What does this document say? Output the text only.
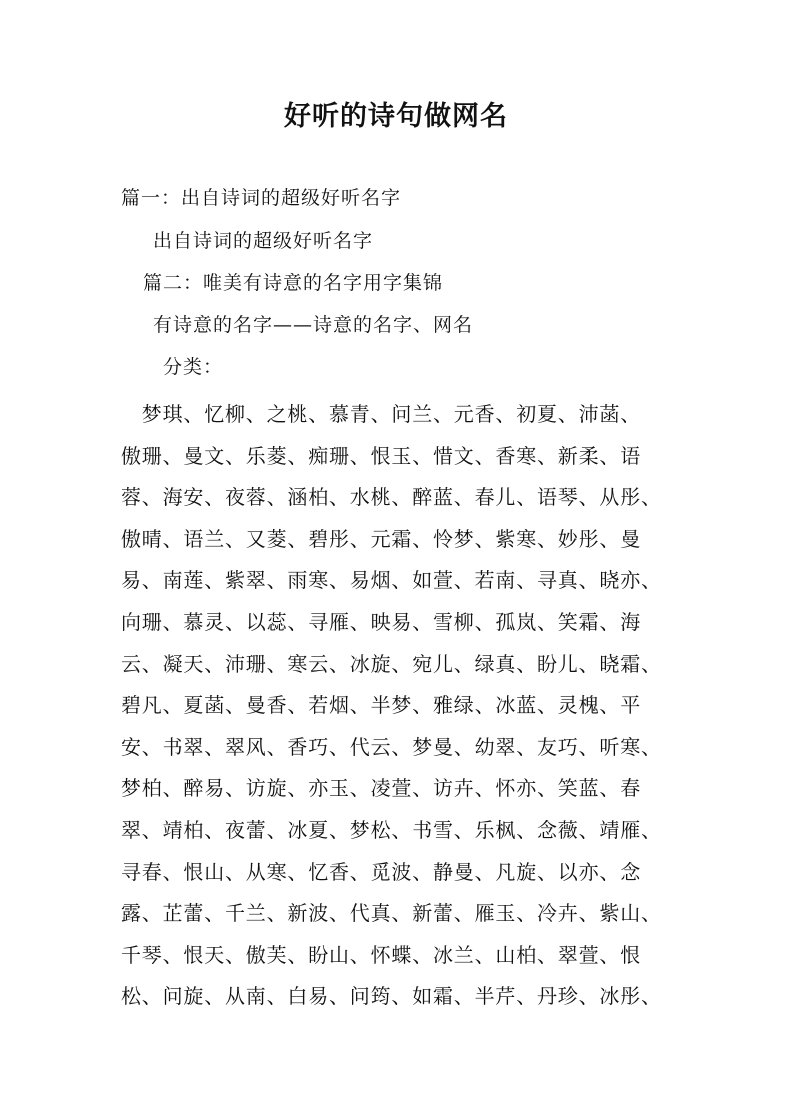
好听的诗句做网名
篇一：出自诗词的超级好听名字
出自诗词的超级好听名字
篇二：唯美有诗意的名字用字集锦
有诗意的名字——诗意的名字、网名
分类：
　梦琪、忆柳、之桃、慕青、问兰、元香、初夏、沛菡、
傲珊、曼文、乐菱、痴珊、恨玉、惜文、香寒、新柔、语
蓉、海安、夜蓉、涵柏、水桃、醉蓝、春儿、语琴、从彤、
傲晴、语兰、又菱、碧彤、元霜、怜梦、紫寒、妙彤、曼
易、南莲、紫翠、雨寒、易烟、如萱、若南、寻真、晓亦、
向珊、慕灵、以蕊、寻雁、映易、雪柳、孤岚、笑霜、海
云、凝天、沛珊、寒云、冰旋、宛儿、绿真、盼儿、晓霜、
碧凡、夏菡、曼香、若烟、半梦、雅绿、冰蓝、灵槐、平
安、书翠、翠风、香巧、代云、梦曼、幼翠、友巧、听寒、
梦柏、醉易、访旋、亦玉、凌萱、访卉、怀亦、笑蓝、春
翠、靖柏、夜蕾、冰夏、梦松、书雪、乐枫、念薇、靖雁、
寻春、恨山、从寒、忆香、觅波、静曼、凡旋、以亦、念
露、芷蕾、千兰、新波、代真、新蕾、雁玉、冷卉、紫山、
千琴、恨天、傲芙、盼山、怀蝶、冰兰、山柏、翠萱、恨
松、问旋、从南、白易、问筠、如霜、半芹、丹珍、冰彤、
